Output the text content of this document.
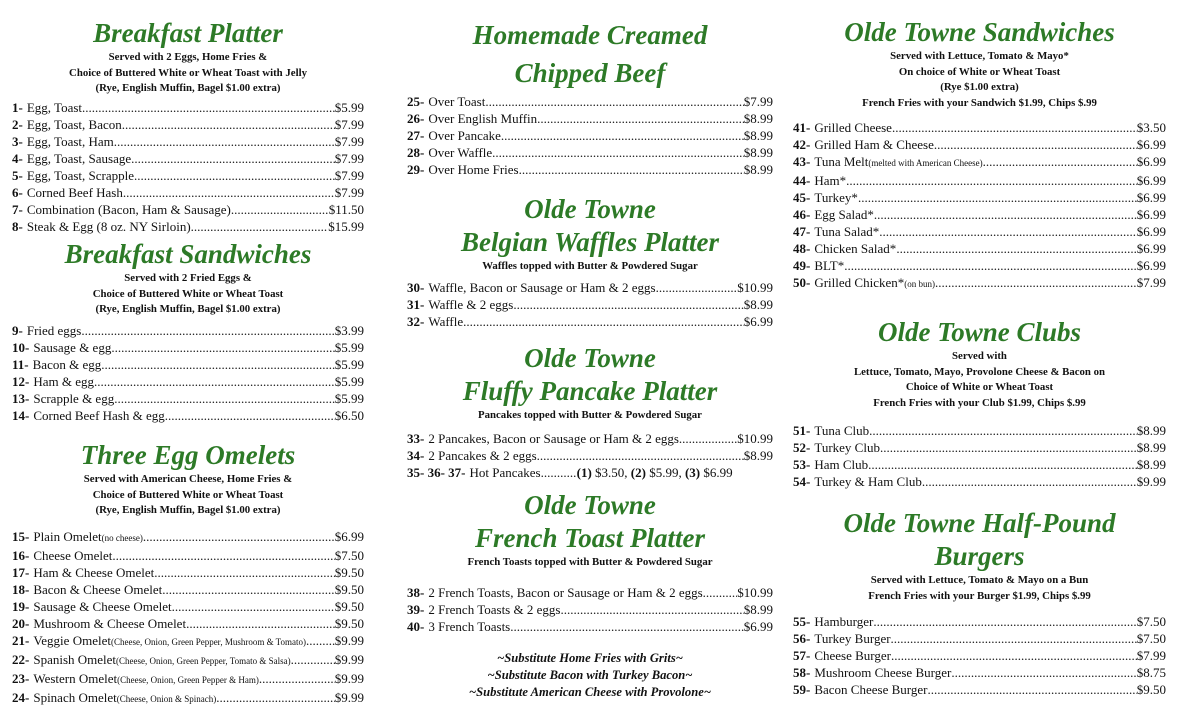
Breakfast Platter
Served with 2 Eggs, Home Fries &
Choice of Buttered White or Wheat Toast with Jelly
(Rye, English Muffin, Bagel $1.00 extra)
1- Egg, Toast .....	$5.99
2- Egg, Toast, Bacon .....	$7.99
3- Egg, Toast, Ham .....	$7.99
4- Egg, Toast, Sausage .....	$7.99
5- Egg, Toast, Scrapple .....	$7.99
6- Corned Beef Hash .....	$7.99
7- Combination (Bacon, Ham & Sausage) .....	$11.50
8- Steak & Egg (8 oz. NY Sirloin) .....	$15.99
Breakfast Sandwiches
Served with 2 Fried Eggs &
Choice of Buttered White or Wheat Toast
(Rye, English Muffin, Bagel $1.00 extra)
9- Fried eggs .....	$3.99
10- Sausage & egg .....	$5.99
11- Bacon & egg .....	$5.99
12- Ham & egg .....	$5.99
13- Scrapple & egg .....	$5.99
14- Corned Beef Hash & egg .....	$6.50
Three Egg Omelets
Served with American Cheese, Home Fries &
Choice of Buttered White or Wheat Toast
(Rye, English Muffin, Bagel $1.00 extra)
15- Plain Omelet (no cheese) .....	$6.99
16- Cheese Omelet .....	$7.50
17- Ham & Cheese Omelet .....	$9.50
18- Bacon & Cheese Omelet .....	$9.50
19- Sausage & Cheese Omelet .....	$9.50
20- Mushroom & Cheese Omelet .....	$9.50
21- Veggie Omelet (Cheese, Onion, Green Pepper, Mushroom & Tomato) ..... $9.99
22- Spanish Omelet (Cheese, Onion, Green Pepper, Tomato & Salsa) .....	$9.99
23- Western Omelet (Cheese, Onion, Green Pepper & Ham) .....	$9.99
24- Spinach Omelet (Cheese, Onion & Spinach) .....	$9.99
Homemade Creamed
Chipped Beef
25- Over Toast .....	$7.99
26- Over English Muffin .....	$8.99
27- Over Pancake .....	$8.99
28- Over Waffle .....	$8.99
29- Over Home Fries .....	$8.99
Olde Towne
Belgian Waffles Platter
Waffles topped with Butter & Powdered Sugar
30- Waffle, Bacon or Sausage or Ham & 2 eggs .....	$10.99
31- Waffle & 2 eggs .....	$8.99
32- Waffle .....	$6.99
Olde Towne
Fluffy Pancake Platter
Pancakes topped with Butter & Powdered Sugar
33- 2 Pancakes, Bacon or Sausage or Ham & 2 eggs .....	$10.99
34- 2 Pancakes & 2 eggs .....	$8.99
35- 36- 37- Hot Pancakes .....	(1) $3.50, (2) $5.99, (3) $6.99
Olde Towne
French Toast Platter
French Toasts topped with Butter & Powdered Sugar
38- 2 French Toasts, Bacon or Sausage or Ham & 2 eggs .....	$10.99
39- 2 French Toasts & 2 eggs .....	$8.99
40- 3 French Toasts .....	$6.99
~Substitute Home Fries with Grits~
~Substitute Bacon with Turkey Bacon~
~Substitute American Cheese with Provolone~
Olde Towne Sandwiches
Served with Lettuce, Tomato & Mayo*
On choice of White or Wheat Toast
(Rye $1.00 extra)
French Fries with your Sandwich $1.99, Chips $.99
41- Grilled Cheese .....	$3.50
42- Grilled Ham & Cheese .....	$6.99
43- Tuna Melt (melted with American Cheese) .....	$6.99
44- Ham* .....	$6.99
45- Turkey* .....	$6.99
46- Egg Salad* .....	$6.99
47- Tuna Salad* .....	$6.99
48- Chicken Salad* .....	$6.99
49- BLT* .....	$6.99
50- Grilled Chicken* (on bun) .....	$7.99
Olde Towne Clubs
Served with
Lettuce, Tomato, Mayo, Provolone Cheese & Bacon on
Choice of White or Wheat Toast
French Fries with your Club $1.99, Chips $.99
51- Tuna Club .....	$8.99
52- Turkey Club .....	$8.99
53- Ham Club .....	$8.99
54- Turkey & Ham Club .....	$9.99
Olde Towne Half-Pound
Burgers
Served with Lettuce, Tomato & Mayo on a Bun
French Fries with your Burger $1.99, Chips $.99
55- Hamburger .....	$7.50
56- Turkey Burger .....	$7.50
57- Cheese Burger .....	$7.99
58- Mushroom Cheese Burger .....	$8.75
59- Bacon Cheese Burger .....	$9.50
